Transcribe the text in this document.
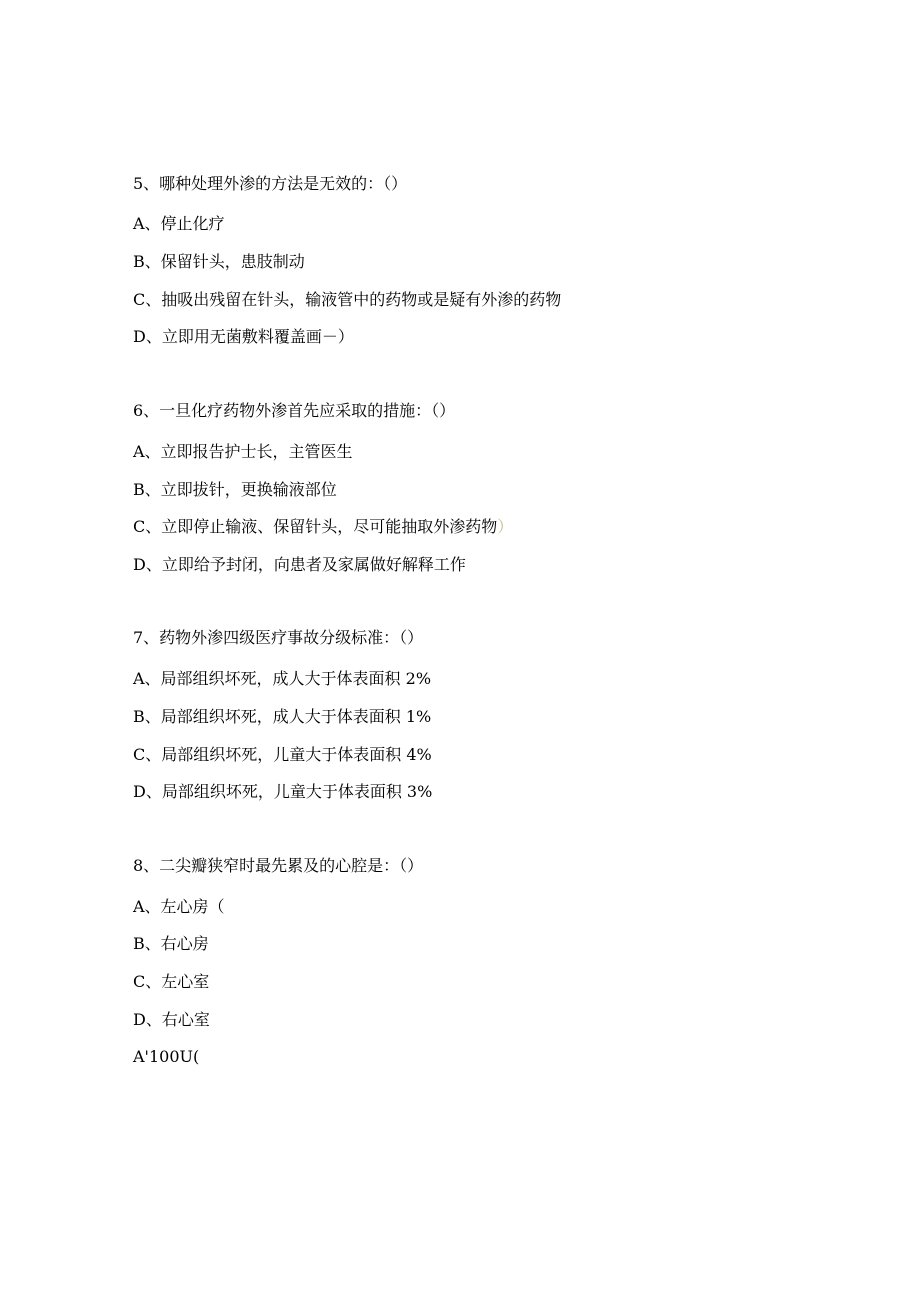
5、哪种处理外渗的方法是无效的：（）
A、停止化疗
B、保留针头，患肢制动
C、抽吸出残留在针头，输液管中的药物或是疑有外渗的药物
D、立即用无菌敷料覆盖画－）
6、一旦化疗药物外渗首先应采取的措施：（）
A、立即报告护士长，主管医生
B、立即拔针，更换输液部位
C、立即停止输液、保留针头，尽可能抽取外渗药物）
D、立即给予封闭，向患者及家属做好解释工作
7、药物外渗四级医疗事故分级标准：（）
A、局部组织坏死，成人大于体表面积 2%
B、局部组织坏死，成人大于体表面积 1%
C、局部组织坏死，儿童大于体表面积 4%
D、局部组织坏死，儿童大于体表面积 3%
8、二尖瓣狭窄时最先累及的心腔是：（）
A、左心房（
B、右心房
C、左心室
D、右心室
A'100U(
